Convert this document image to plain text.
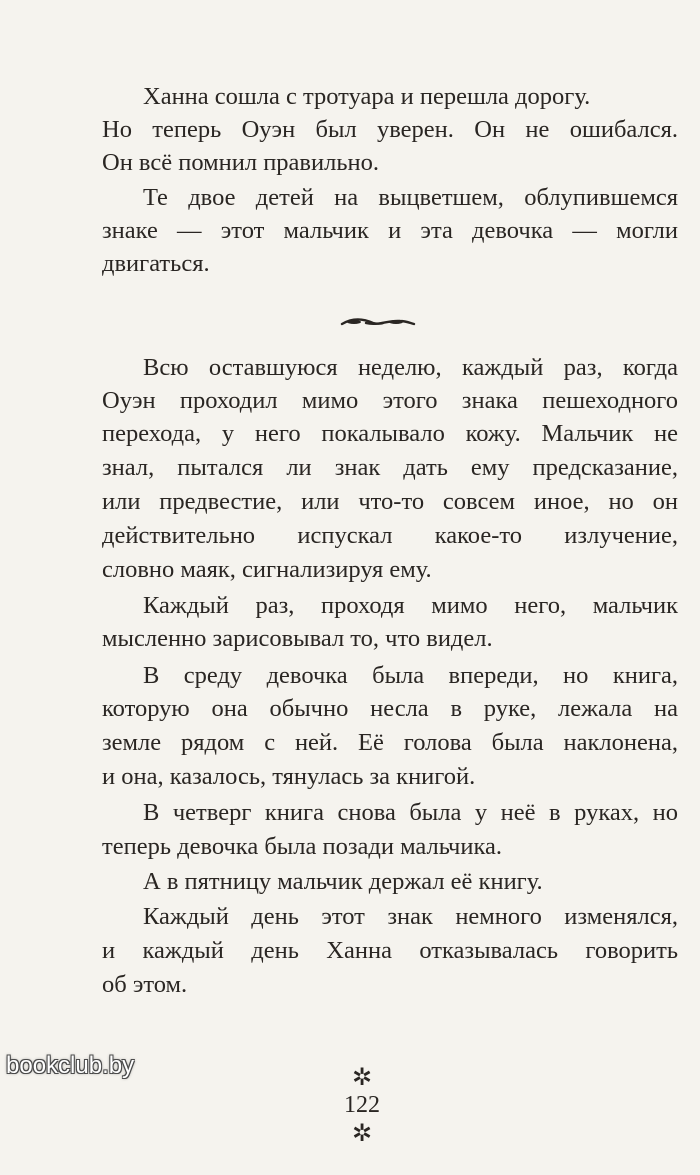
Ханна сошла с тротуара и перешла дорогу.
Но теперь Оуэн был уверен. Он не ошибался.
Он всё помнил правильно.
Те двое детей на выцветшем, облупившемся
знаке — этот мальчик и эта девочка — могли
двигаться.
Всю оставшуюся неделю, каждый раз, когда
Оуэн проходил мимо этого знака пешеходного
перехода, у него покалывало кожу. Мальчик не
знал, пытался ли знак дать ему предсказание,
или предвестие, или что-то совсем иное, но он
действительно испускал какое-то излучение,
словно маяк, сигнализируя ему.
Каждый раз, проходя мимо него, мальчик
мысленно зарисовывал то, что видел.
В среду девочка была впереди, но книга,
которую она обычно несла в руке, лежала на
земле рядом с ней. Её голова была наклонена,
и она, казалось, тянулась за книгой.
В четверг книга снова была у неё в руках, но
теперь девочка была позади мальчика.
А в пятницу мальчик держал её книгу.
Каждый день этот знак немного изменялся,
и каждый день Ханна отказывалась говорить
об этом.

✲
122
✲

bookclub.by
